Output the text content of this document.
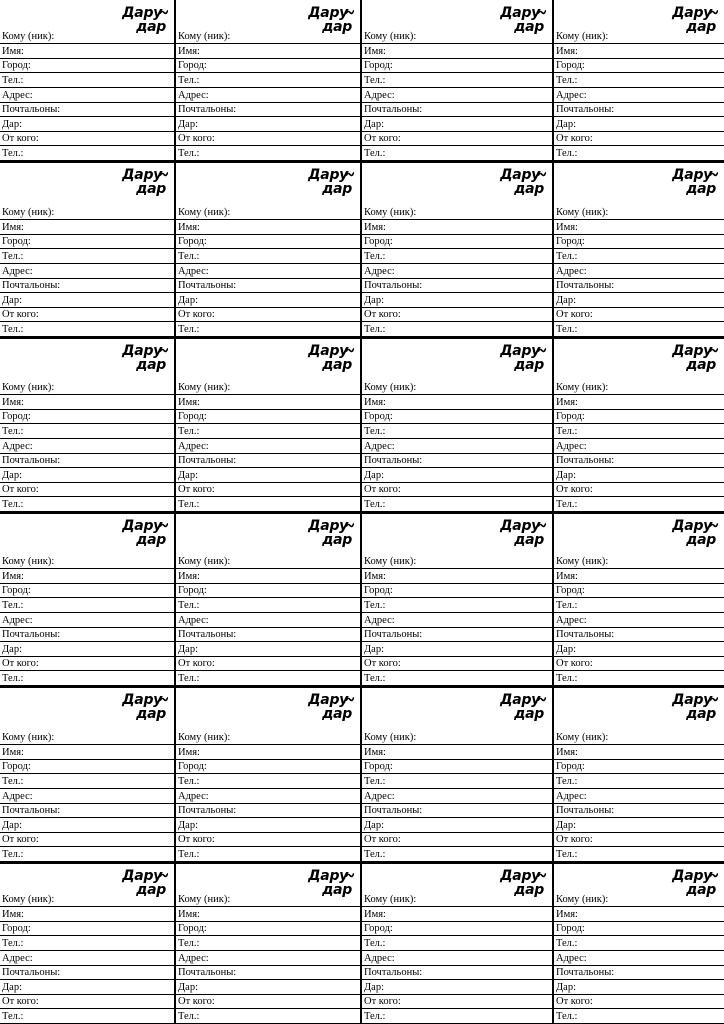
Дару
дар
Кому (ник):
Имя:
Город:
Тел.:
Адрес:
Почтальоны:
Дар:
От кого:
Тел.:
Дару
дар
Кому (ник):
Имя:
Город:
Тел.:
Адрес:
Почтальоны:
Дар:
От кого:
Тел.:
Дару
дар
Кому (ник):
Имя:
Город:
Тел.:
Адрес:
Почтальоны:
Дар:
От кого:
Тел.:
Дару
дар
Кому (ник):
Имя:
Город:
Тел.:
Адрес:
Почтальоны:
Дар:
От кого:
Тел.:
Дару
дар
Кому (ник):
Имя:
Город:
Тел.:
Адрес:
Почтальоны:
Дар:
От кого:
Тел.:
Дару
дар
Кому (ник):
Имя:
Город:
Тел.:
Адрес:
Почтальоны:
Дар:
От кого:
Тел.:
Дару
дар
Кому (ник):
Имя:
Город:
Тел.:
Адрес:
Почтальоны:
Дар:
От кого:
Тел.:
Дару
дар
Кому (ник):
Имя:
Город:
Тел.:
Адрес:
Почтальоны:
Дар:
От кого:
Тел.:
Дару
дар
Кому (ник):
Имя:
Город:
Тел.:
Адрес:
Почтальоны:
Дар:
От кого:
Тел.:
Дару
дар
Кому (ник):
Имя:
Город:
Тел.:
Адрес:
Почтальоны:
Дар:
От кого:
Тел.:
Дару
дар
Кому (ник):
Имя:
Город:
Тел.:
Адрес:
Почтальоны:
Дар:
От кого:
Тел.:
Дару
дар
Кому (ник):
Имя:
Город:
Тел.:
Адрес:
Почтальоны:
Дар:
От кого:
Тел.:
Дару
дар
Кому (ник):
Имя:
Город:
Тел.:
Адрес:
Почтальоны:
Дар:
От кого:
Тел.:
Дару
дар
Кому (ник):
Имя:
Город:
Тел.:
Адрес:
Почтальоны:
Дар:
От кого:
Тел.:
Дару
дар
Кому (ник):
Имя:
Город:
Тел.:
Адрес:
Почтальоны:
Дар:
От кого:
Тел.:
Дару
дар
Кому (ник):
Имя:
Город:
Тел.:
Адрес:
Почтальоны:
Дар:
От кого:
Тел.:
Дару
дар
Кому (ник):
Имя:
Город:
Тел.:
Адрес:
Почтальоны:
Дар:
От кого:
Тел.:
Дару
дар
Кому (ник):
Имя:
Город:
Тел.:
Адрес:
Почтальоны:
Дар:
От кого:
Тел.:
Дару
дар
Кому (ник):
Имя:
Город:
Тел.:
Адрес:
Почтальоны:
Дар:
От кого:
Тел.:
Дару
дар
Кому (ник):
Имя:
Город:
Тел.:
Адрес:
Почтальоны:
Дар:
От кого:
Тел.:
Дару
дар
Кому (ник):
Имя:
Город:
Тел.:
Адрес:
Почтальоны:
Дар:
От кого:
Тел.:
Дару
дар
Кому (ник):
Имя:
Город:
Тел.:
Адрес:
Почтальоны:
Дар:
От кого:
Тел.:
Дару
дар
Кому (ник):
Имя:
Город:
Тел.:
Адрес:
Почтальоны:
Дар:
От кого:
Тел.:
Дару
дар
Кому (ник):
Имя:
Город:
Тел.:
Адрес:
Почтальоны:
Дар:
От кого:
Тел.:
